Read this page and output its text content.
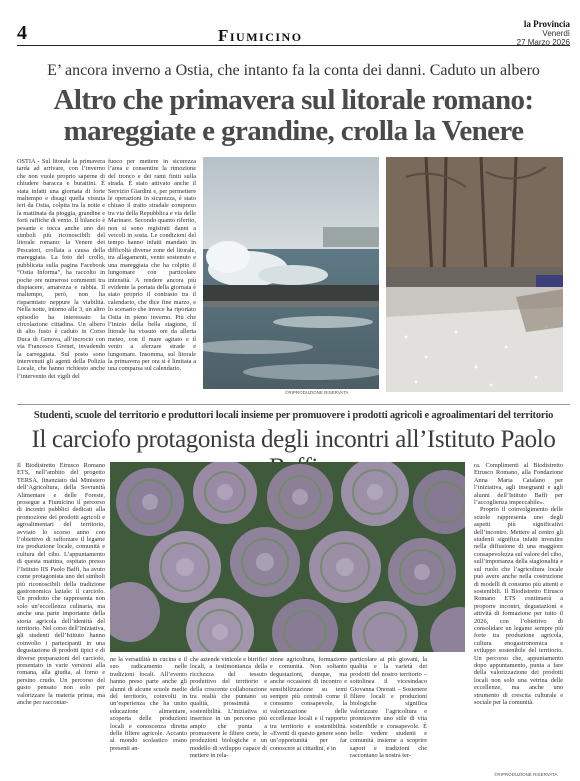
4	Fiumicino
la Provincia
Venerdì
27 Marzo 2026
E’ ancora inverno a Ostia, che intanto fa la conta dei danni. Caduto un albero
Altro che primavera sul litorale romano: mareggiate e grandine, crolla la Venere

OSTIA - Sul litorale la primavera tarda ad arrivare, con l’inverno che non vuole proprio saperne di chiudere baracca e burattini. È stata infatti una giornata di forte maltempo e disagi quella vissuta ieri da Ostia, colpita tra la notte e la mattinata da pioggia, grandine e forti raffiche di vento. Il bilancio è pesante e tocca anche uno dei simboli più riconoscibili del litorale romano: la Venere dei Pescatori, crollata a causa della mareggiata. La foto del crollo, pubblicata sulla pagina Facebook “Ostia Informa”, ha raccolto in poche ore numerosi commenti tra dispiacere, amarezza e rabbia. Il maltempo, però, non ha risparmiato neppure la viabilità. Nella notte, intorno alle 3, un altro episodio ha interessato la circolazione cittadina. Un albero di alto fusto è caduto in Corso Duca di Genova, all’incrocio con via Francesco Grenet, invadendo la carreggiata. Sul posto sono intervenuti gli agenti della Polizia Locale, che hanno richiesto anche l’intervento dei vigili del

fuoco per mettere in sicurezza l’area e consentire la rimozione del tronco e dei rami finiti sulla strada. È stato attivato anche il Servizio Giardini e, per permettere le operazioni in sicurezza, è stato chiuso il tratto stradale compreso tra via della Repubblica e via delle Marinare. Secondo quanto riferito, non si sono registrati danni a veicoli in sosta. Le condizioni del tempo hanno infatti mandato in difficoltà diverse zone del litorale, tra allagamenti, vento sostenuto e una mareggiata che ha colpito il lungomare con particolare intensità. A rendere ancora più evidente la portata della giornata è stato proprio il contrasto tra il calendario, che dice fine marzo, e lo scenario che invece ha riportato Ostia in pieno inverno. Più che l’inizio della bella stagione, il litorale ha vissuto ore da allerta meteo, con il mare agitato e il vento a sferzare strade e lungomare. Insomma, sul litorale la primavera per ora si è limitata a una comparsa sul calendario.

©RIPRODUZIONE RISERVATA
Studenti, scuole del territorio e produttori locali insieme per promuovere i prodotti agricoli e agroalimentari del territorio
Il carciofo protagonista degli incontri all’Istituto Paolo

Il Biodistretto Etrusco Romano ETS, nell’ambito del progetto TERSA, finanziato dal Ministero dell’Agricoltura, della Sovranità Alimentare e delle Foreste, prosegue a Fiumicino il percorso di incontri pubblici dedicati alla promozione dei prodotti agricoli e agroalimentari del territorio, avviato lo scorso anno con l’obiettivo di rafforzare il legame tra produzione locale, comunità e cultura del cibo. L’appuntamento di questa mattina, ospitato presso l’Istituto IIS Paolo Baffi, ha avuto come protagonista uno dei simboli più riconoscibili della tradizione gastronomica laziale: il carciofo. Un prodotto che rappresenta non solo un’eccellenza culinaria, ma anche una parte importante della storia agricola dell’identità del territorio. Nel corso dell’iniziativa, gli studenti dell’Istituto hanno coinvolto i partecipanti in una degustazione di prodotti tipici e di diverse preparazioni del carciofo, presentato in varie versioni alla romana, alla giudia, al forno e persino crudo. Un percorso del gusto pensato non solo per valorizzare la materia prima, ma anche per raccontar-

ne la versatilità in cucina e il suo radicamento nelle tradizioni locali. All’evento hanno preso parte anche gli alunni di alcune scuole medie del territorio, coinvolti in un’esperienza che ha unito educazione alimentare, scoperta delle produzioni locali e conoscenza diretta delle filiere agricole. Accanto al mondo scolastico erano presenti an-

che aziende vinicole e birrifici locali, a testimonianza della ricchezza del tessuto produttivo del territorio e della crescente collaborazione tra realtà che puntano su qualità, prossimità e sostenibilità. L’iniziativa si inserisce in un percorso più ampio che punta a promuovere le filiere corte, le produzioni biologiche e un modello di sviluppo capace di mettere in rela-

zione agricoltura, formazione e comunità. Non soltanto degustazioni, dunque, ma anche occasioni di incontro e sensibilizzazione su temi sempre più centrali come il consumo consapevole, la valorizzazione delle eccellenze locali e il rapporto tra territorio e sostenibilità. «Eventi di questo genere sono un’opportunità per far conoscere ai cittadini, e in

particolare ai più giovani, la qualità e la varietà dei prodotti del nostro territorio – sottolinea il vicesindaco Giovanna Onorati – Sostenere filiere locali e produzioni biologiche significa valorizzare l’agricoltura e promuovere uno stile di vita sostenibile e consapevole. È bello vedere studenti e comunità insieme a scoprire sapori e tradizioni che raccontano la nostra ter-

ra. Complimenti al Biodistretto Etrusco Romano, alla Fondazione Anna Maria Catalano per l’iniziativa, agli insegnanti e agli alunni dell’Istituto Baffi per l’accoglienza impeccabile».

Proprio il coinvolgimento delle scuole rappresenta uno degli aspetti più significativi dell’incontro. Mettere al centro gli studenti significa infatti investire nella diffusione di una maggiore consapevolezza sul valore del cibo, sull’importanza della stagionalità e sul ruolo che l’agricoltura locale può avere anche nella costruzione di modelli di consumo più attenti e sostenibili. Il Biodistretto Etrusco Romano ETS continuerà a proporre incontri, degustazioni e attività di formazione per tutto il 2026, con l’obiettivo di consolidare un legame sempre più forte tra produzione agricola, cultura enogastronomica e sviluppo sostenibile del territorio. Un percorso che, appuntamento dopo appuntamento, punta a fare della valorizzazione dei prodotti locali non solo una vetrina delle eccellenze, ma anche uno strumento di crescita culturale e sociale per la comunità.

©RIPRODUZIONE RISERVATA
